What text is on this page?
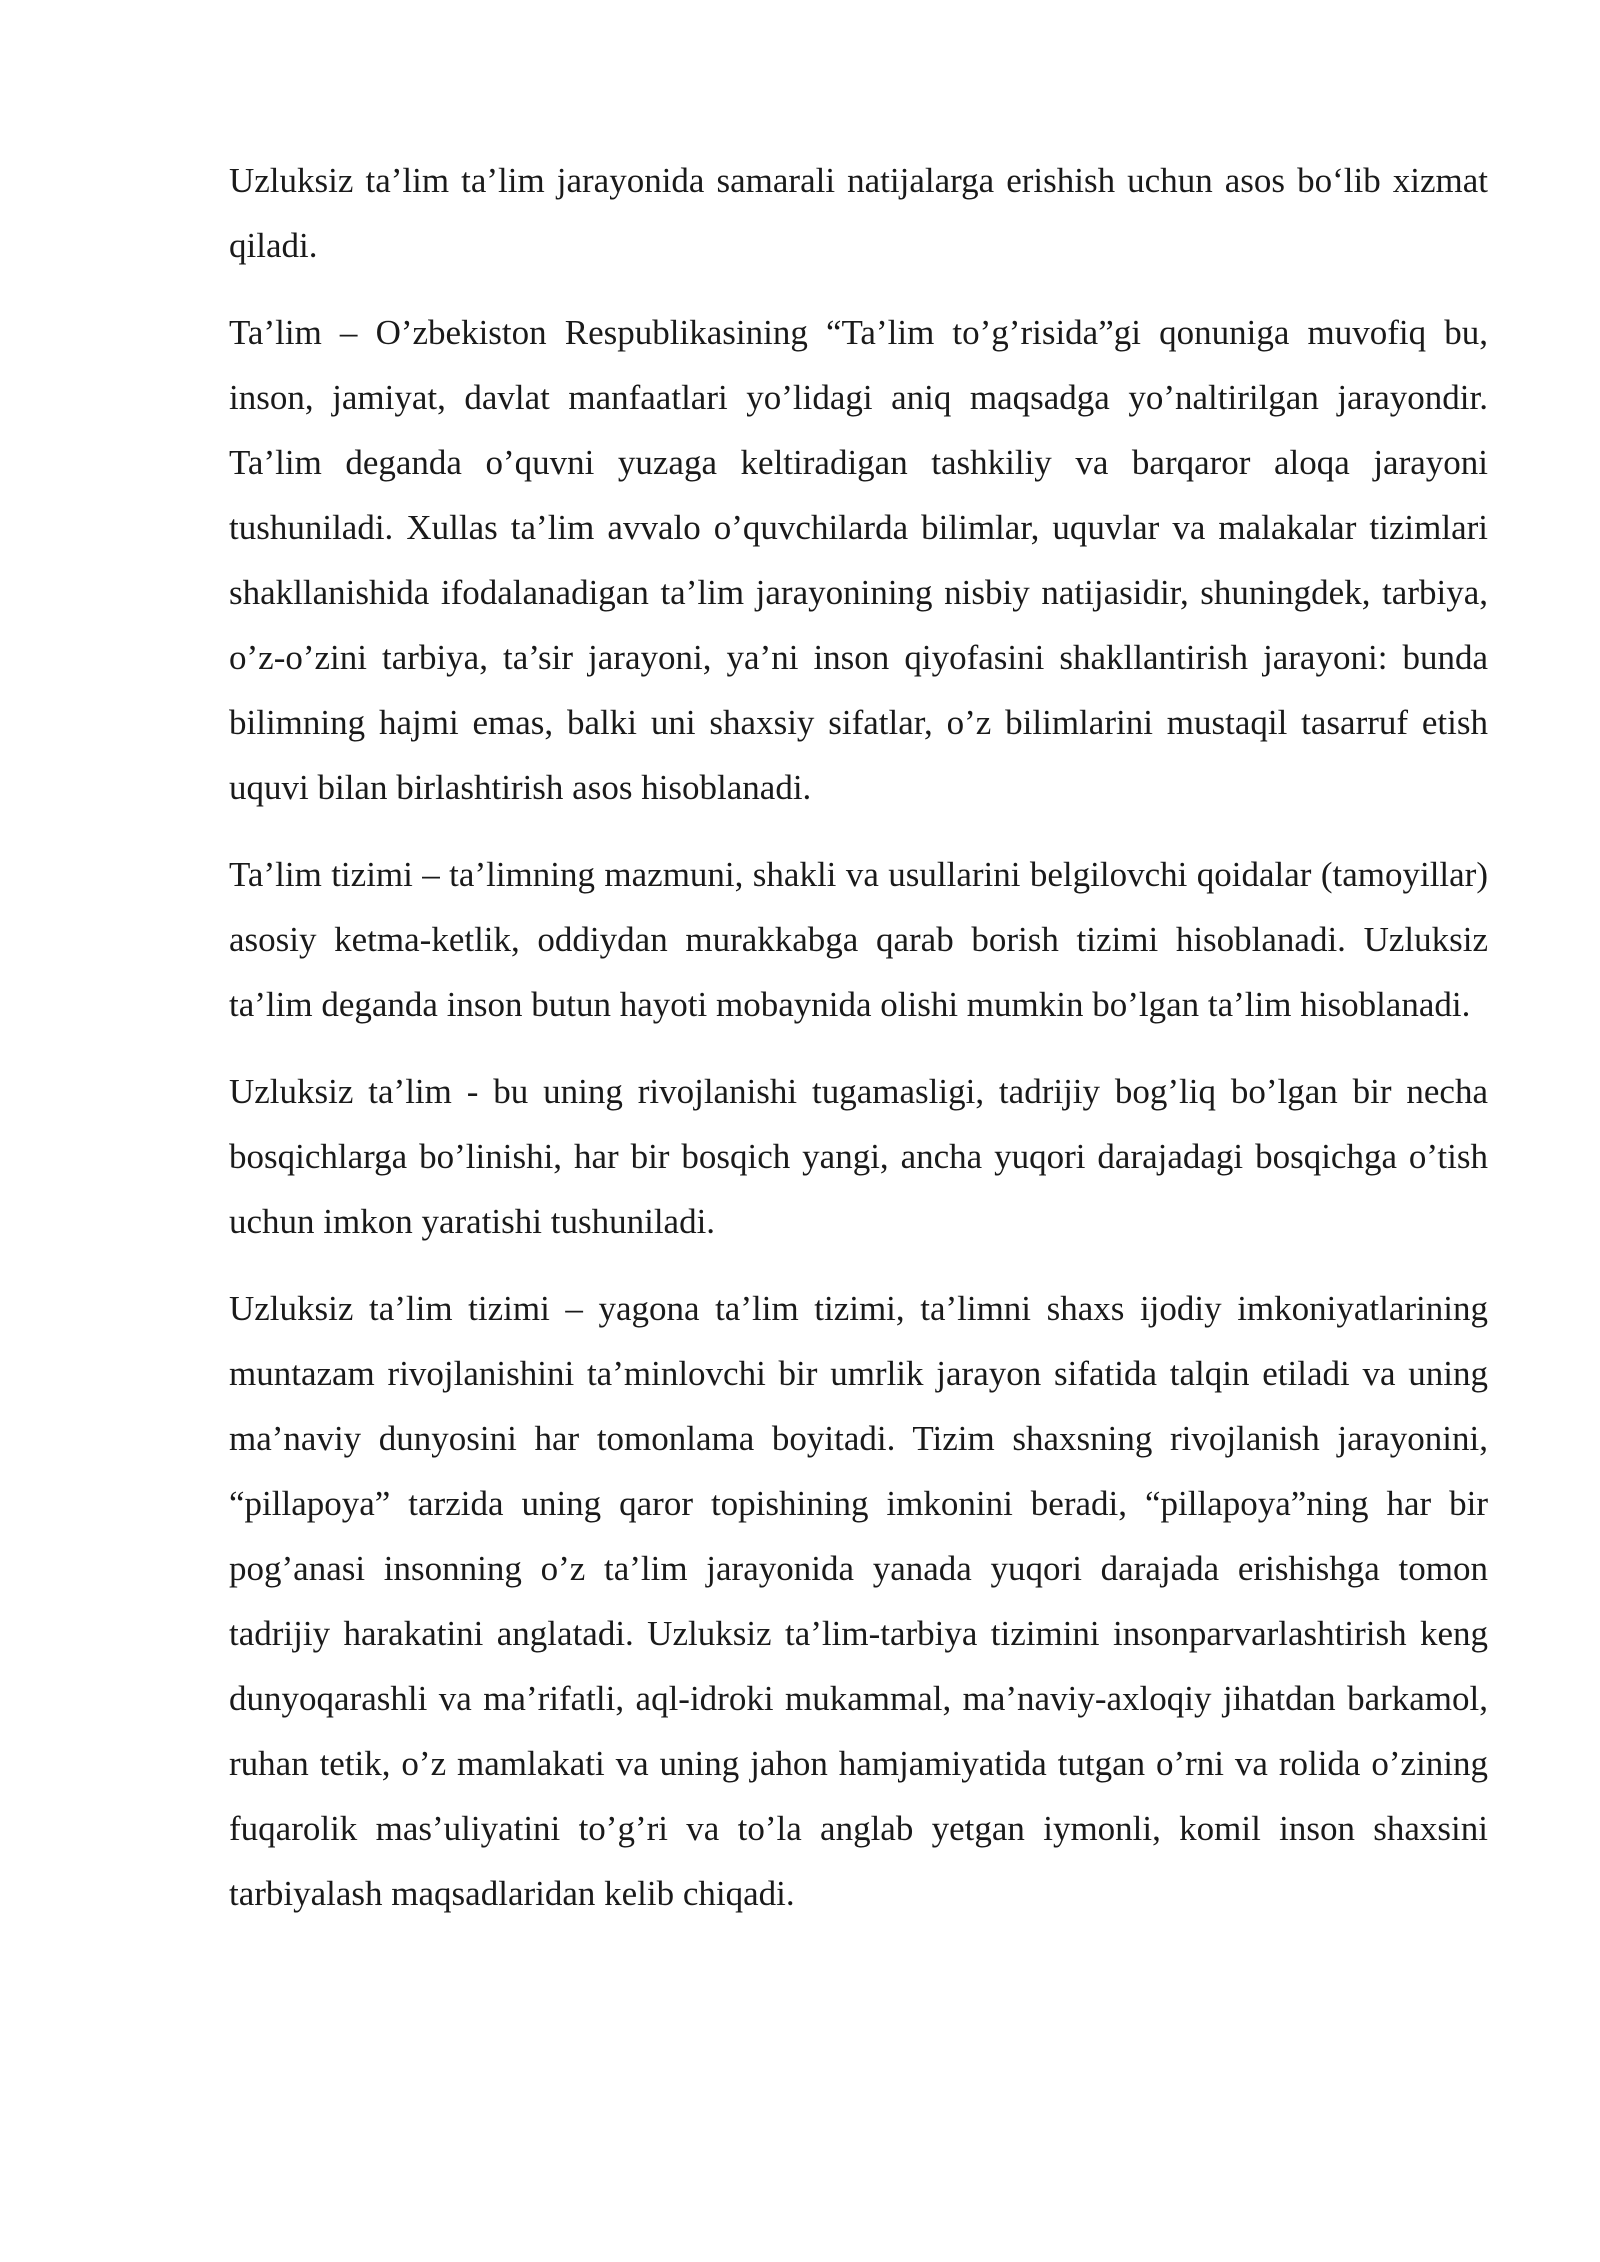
Uzluksiz ta’lim ta’lim jarayonida samarali natijalarga erishish uchun asos bo‘lib xizmat qiladi.

Ta’lim – O’zbekiston Respublikasining “Ta’lim to’g’risida”gi qonuniga muvofiq bu, inson, jamiyat, davlat manfaatlari yo’lidagi aniq maqsadga yo’naltirilgan jarayondir. Ta’lim deganda o’quvni yuzaga keltiradigan tashkiliy va barqaror aloqa jarayoni tushuniladi. Xullas ta’lim avvalo o’quvchilarda bilimlar, uquvlar va malakalar tizimlari shakllanishida ifodalanadigan ta’lim jarayonining nisbiy natijasidir, shuningdek, tarbiya, o’z-o’zini tarbiya, ta’sir jarayoni, ya’ni inson qiyofasini shakllantirish jarayoni: bunda bilimning hajmi emas, balki uni shaxsiy sifatlar, o’z bilimlarini mustaqil tasarruf etish uquvi bilan birlashtirish asos hisoblanadi.

Ta’lim tizimi – ta’limning mazmuni, shakli va usullarini belgilovchi qoidalar (tamoyillar) asosiy ketma-ketlik, oddiydan murakkabga qarab borish tizimi hisoblanadi. Uzluksiz ta’lim deganda inson butun hayoti mobaynida olishi mumkin bo’lgan ta’lim hisoblanadi.

Uzluksiz ta’lim - bu uning rivojlanishi tugamasligi, tadrijiy bog’liq bo’lgan bir necha bosqichlarga bo’linishi, har bir bosqich yangi, ancha yuqori darajadagi bosqichga o’tish uchun imkon yaratishi tushuniladi.

Uzluksiz ta’lim tizimi – yagona ta’lim tizimi, ta’limni shaxs ijodiy imkoniyatlarining muntazam rivojlanishini ta’minlovchi bir umrlik jarayon sifatida talqin etiladi va uning ma’naviy dunyosini har tomonlama boyitadi. Tizim shaxsning rivojlanish jarayonini, “pillapoya” tarzida uning qaror topishining imkonini beradi, “pillapoya”ning har bir pog’anasi insonning o’z ta’lim jarayonida yanada yuqori darajada erishishga tomon tadrijiy harakatini anglatadi. Uzluksiz ta’lim-tarbiya tizimini insonparvarlashtirish keng dunyoqarashli va ma’rifatli, aql-idroki mukammal, ma’naviy-axloqiy jihatdan barkamol, ruhan tetik, o’z mamlakati va uning jahon hamjamiyatida tutgan o’rni va rolida o’zining fuqarolik mas’uliyatini to’g’ri va to’la anglab yetgan iymonli, komil inson shaxsini tarbiyalash maqsadlaridan kelib chiqadi.
